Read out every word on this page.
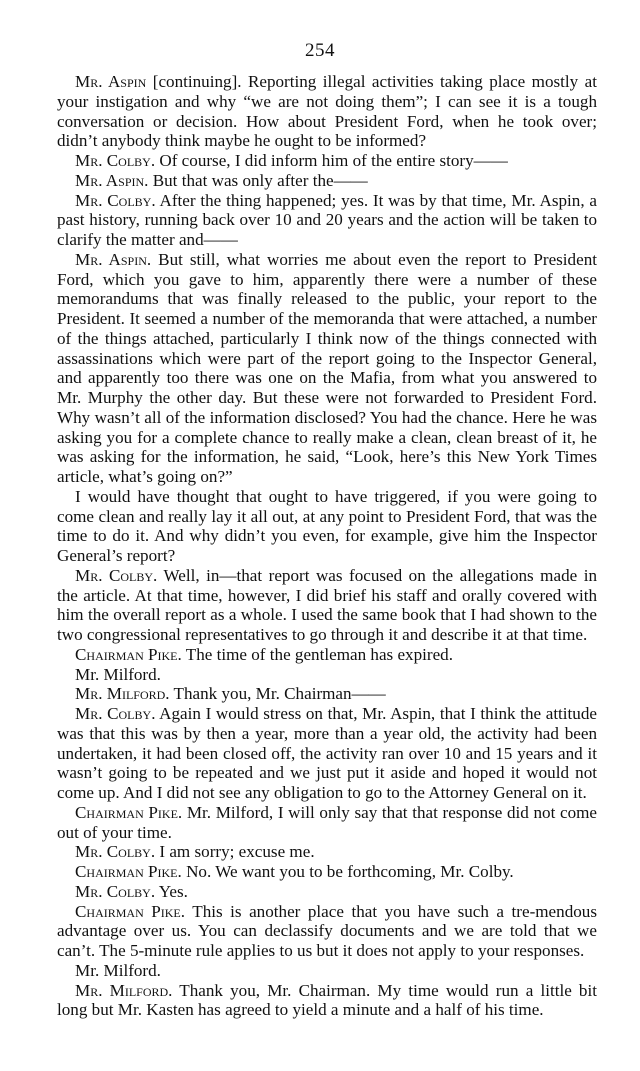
254

Mr. Aspin [continuing]. Reporting illegal activities taking place mostly at your instigation and why “we are not doing them”; I can see it is a tough conversation or decision. How about President Ford, when he took over; didn’t anybody think maybe he ought to be informed?

Mr. Colby. Of course, I did inform him of the entire story——

Mr. Aspin. But that was only after the——

Mr. Colby. After the thing happened; yes. It was by that time, Mr. Aspin, a past history, running back over 10 and 20 years and the action will be taken to clarify the matter and——

Mr. Aspin. But still, what worries me about even the report to President Ford, which you gave to him, apparently there were a number of these memorandums that was finally released to the public, your report to the President. It seemed a number of the memoranda that were attached, a number of the things attached, particularly I think now of the things connected with assassinations which were part of the report going to the Inspector General, and apparently too there was one on the Mafia, from what you answered to Mr. Murphy the other day. But these were not forwarded to President Ford. Why wasn’t all of the information disclosed? You had the chance. Here he was asking you for a complete chance to really make a clean, clean breast of it, he was asking for the information, he said, “Look, here’s this New York Times article, what’s going on?”

I would have thought that ought to have triggered, if you were going to come clean and really lay it all out, at any point to President Ford, that was the time to do it. And why didn’t you even, for example, give him the Inspector General’s report?

Mr. Colby. Well, in—that report was focused on the allegations made in the article. At that time, however, I did brief his staff and orally covered with him the overall report as a whole. I used the same book that I had shown to the two congressional representatives to go through it and describe it at that time.

Chairman Pike. The time of the gentleman has expired.

Mr. Milford.

Mr. Milford. Thank you, Mr. Chairman——

Mr. Colby. Again I would stress on that, Mr. Aspin, that I think the attitude was that this was by then a year, more than a year old, the activity had been undertaken, it had been closed off, the activity ran over 10 and 15 years and it wasn’t going to be repeated and we just put it aside and hoped it would not come up. And I did not see any obligation to go to the Attorney General on it.

Chairman Pike. Mr. Milford, I will only say that that response did not come out of your time.

Mr. Colby. I am sorry; excuse me.

Chairman Pike. No. We want you to be forthcoming, Mr. Colby.

Mr. Colby. Yes.

Chairman Pike. This is another place that you have such a tre-mendous advantage over us. You can declassify documents and we are told that we can’t. The 5-minute rule applies to us but it does not apply to your responses.

Mr. Milford.

Mr. Milford. Thank you, Mr. Chairman. My time would run a little bit long but Mr. Kasten has agreed to yield a minute and a half of his time.
